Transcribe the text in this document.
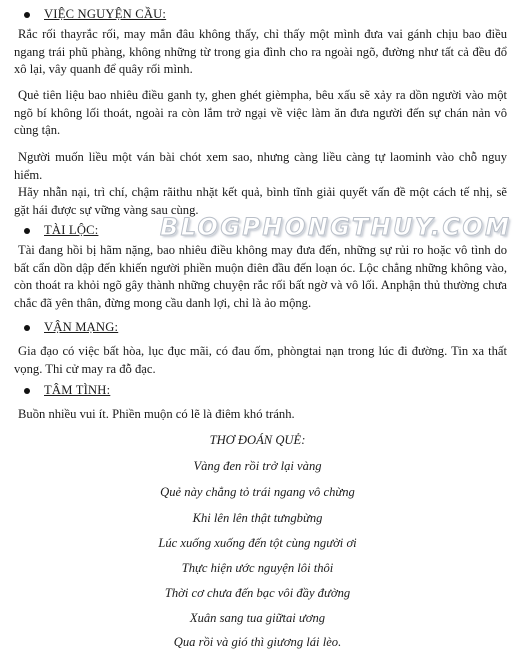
VIỆC NGUYỆN CẦU:

Rắc rối thayrắc rối, may mắn đâu không thấy, chỉ thấy một mình đưa vai gánh chịu bao điều ngang trái phũ phàng, không những từ trong gia đình cho ra ngoài ngõ, đường như tất cả đều đổ xô lại, vây quanh để quây rối mình.

Quẻ tiên liệu bao nhiêu điều ganh ty, ghen ghét gièmpha, bêu xấu sẽ xảy ra dồn người vào một ngõ bí không lối thoát, ngoài ra còn lắm trở ngại về việc làm ăn đưa người đến sự chán nản vô cùng tận.

Người muốn liều một ván bài chót xem sao, nhưng càng liều càng tự laominh vào chỗ nguy hiểm.

Hãy nhẫn nại, trì chí, chậm rãithu nhặt kết quả, bình tĩnh giải quyết vấn đề một cách tế nhị, sẽ gặt hái được sự vững vàng sau cùng.

TÀI LỘC:

Tài đang hồi bị hãm nặng, bao nhiêu điều không may đưa đến, những sự rủi ro hoặc vô tình do bất cẩn dồn dập đến khiến người phiền muộn điên đầu đến loạn óc. Lộc chẳng những không vào, còn thoát ra khỏi ngõ gây thành những chuyện rắc rối bất ngờ và vô lối. Anphận thủ thường chưa chắc đã yên thân, đừng mong cầu danh lợi, chỉ là ảo mộng.

VẬN MẠNG:

Gia đạo có việc bất hòa, lục đục mãi, có đau ốm, phòngtai nạn trong lúc đi đường. Tin xa thất vọng. Thi cử may ra đỗ đạc.

TÂM TÌNH:

Buồn nhiều vui ít. Phiền muộn có lẽ là điêm khó tránh.

THƠ ĐOÁN QUẺ:
Vàng đen rồi trở lại vàng
Quẻ này chẳng tỏ trái ngang vô chừng
Khi lên lên thật tưngbừng
Lúc xuống xuống đến tột cùng người ơi
Thực hiện ước nguyện lôi thôi
Thời cơ chưa đến bạc vôi đầy đường
Xuân sang tua giữtai ương
Qua rồi và gió thì giương lái lèo.
BLOGPHONGTHUY.COM
